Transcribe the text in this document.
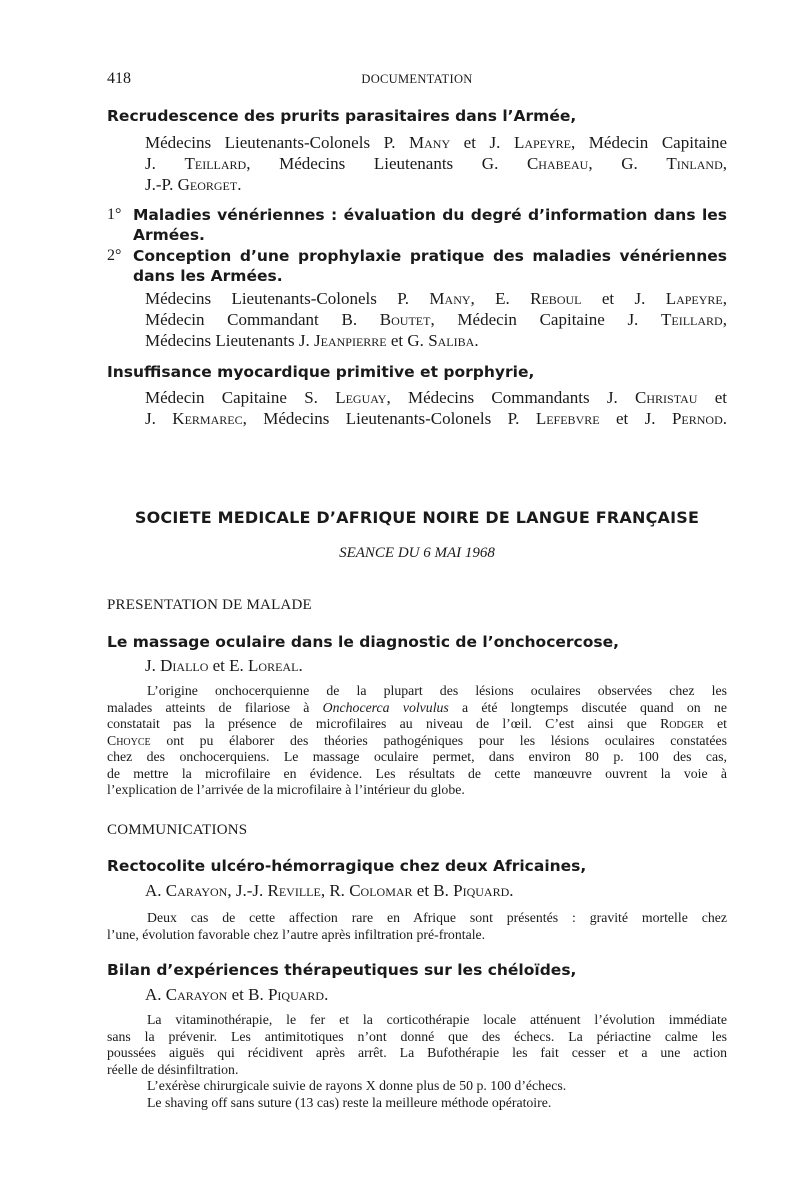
418	DOCUMENTATION
Recrudescence des prurits parasitaires dans l’Armée,
Médecins Lieutenants-Colonels P. Many et J. Lapeyre, Médecin Capitaine
J. Teillard, Médecins Lieutenants G. Chabeau, G. Tinland,
J.-P. Georget.
1° Maladies vénériennes : évaluation du degré d’information dans les
Armées.
2° Conception d’une prophylaxie pratique des maladies vénériennes
dans les Armées.
Médecins Lieutenants-Colonels P. Many, E. Reboul et J. Lapeyre,
Médecin Commandant B. Boutet, Médecin Capitaine J. Teillard,
Médecins Lieutenants J. Jeanpierre et G. Saliba.
Insuffisance myocardique primitive et porphyrie,
Médecin Capitaine S. Leguay, Médecins Commandants J. Christau et
J. Kermarec, Médecins Lieutenants-Colonels P. Lefebvre et J. Pernod.
SOCIETE MEDICALE D’AFRIQUE NOIRE DE LANGUE FRANÇAISE
SEANCE DU 6 MAI 1968
PRESENTATION DE MALADE
Le massage oculaire dans le diagnostic de l’onchocercose,
J. Diallo et E. Loreal.
L’origine onchocerquienne de la plupart des lésions oculaires observées chez les
malades atteints de filariose à Onchocerca volvulus a été longtemps discutée quand on ne
constatait pas la présence de microfilaires au niveau de l’œil. C’est ainsi que Rodger et
Choyce ont pu élaborer des théories pathogéniques pour les lésions oculaires constatées
chez des onchocerquiens. Le massage oculaire permet, dans environ 80 p. 100 des cas,
de mettre la microfilaire en évidence. Les résultats de cette manœuvre ouvrent la voie à
l’explication de l’arrivée de la microfilaire à l’intérieur du globe.
COMMUNICATIONS
Rectocolite ulcéro-hémorragique chez deux Africaines,
A. Carayon, J.-J. Reville, R. Colomar et B. Piquard.
Deux cas de cette affection rare en Afrique sont présentés : gravité mortelle chez
l’une, évolution favorable chez l’autre après infiltration pré-frontale.
Bilan d’expériences thérapeutiques sur les chéloïdes,
A. Carayon et B. Piquard.
La vitaminothérapie, le fer et la corticothérapie locale atténuent l’évolution immédiate
sans la prévenir. Les antimitotiques n’ont donné que des échecs. La périactine calme les
poussées aiguës qui récidivent après arrêt. La Bufothérapie les fait cesser et a une action
réelle de désinfiltration.
L’exérèse chirurgicale suivie de rayons X donne plus de 50 p. 100 d’échecs.
Le shaving off sans suture (13 cas) reste la meilleure méthode opératoire.
